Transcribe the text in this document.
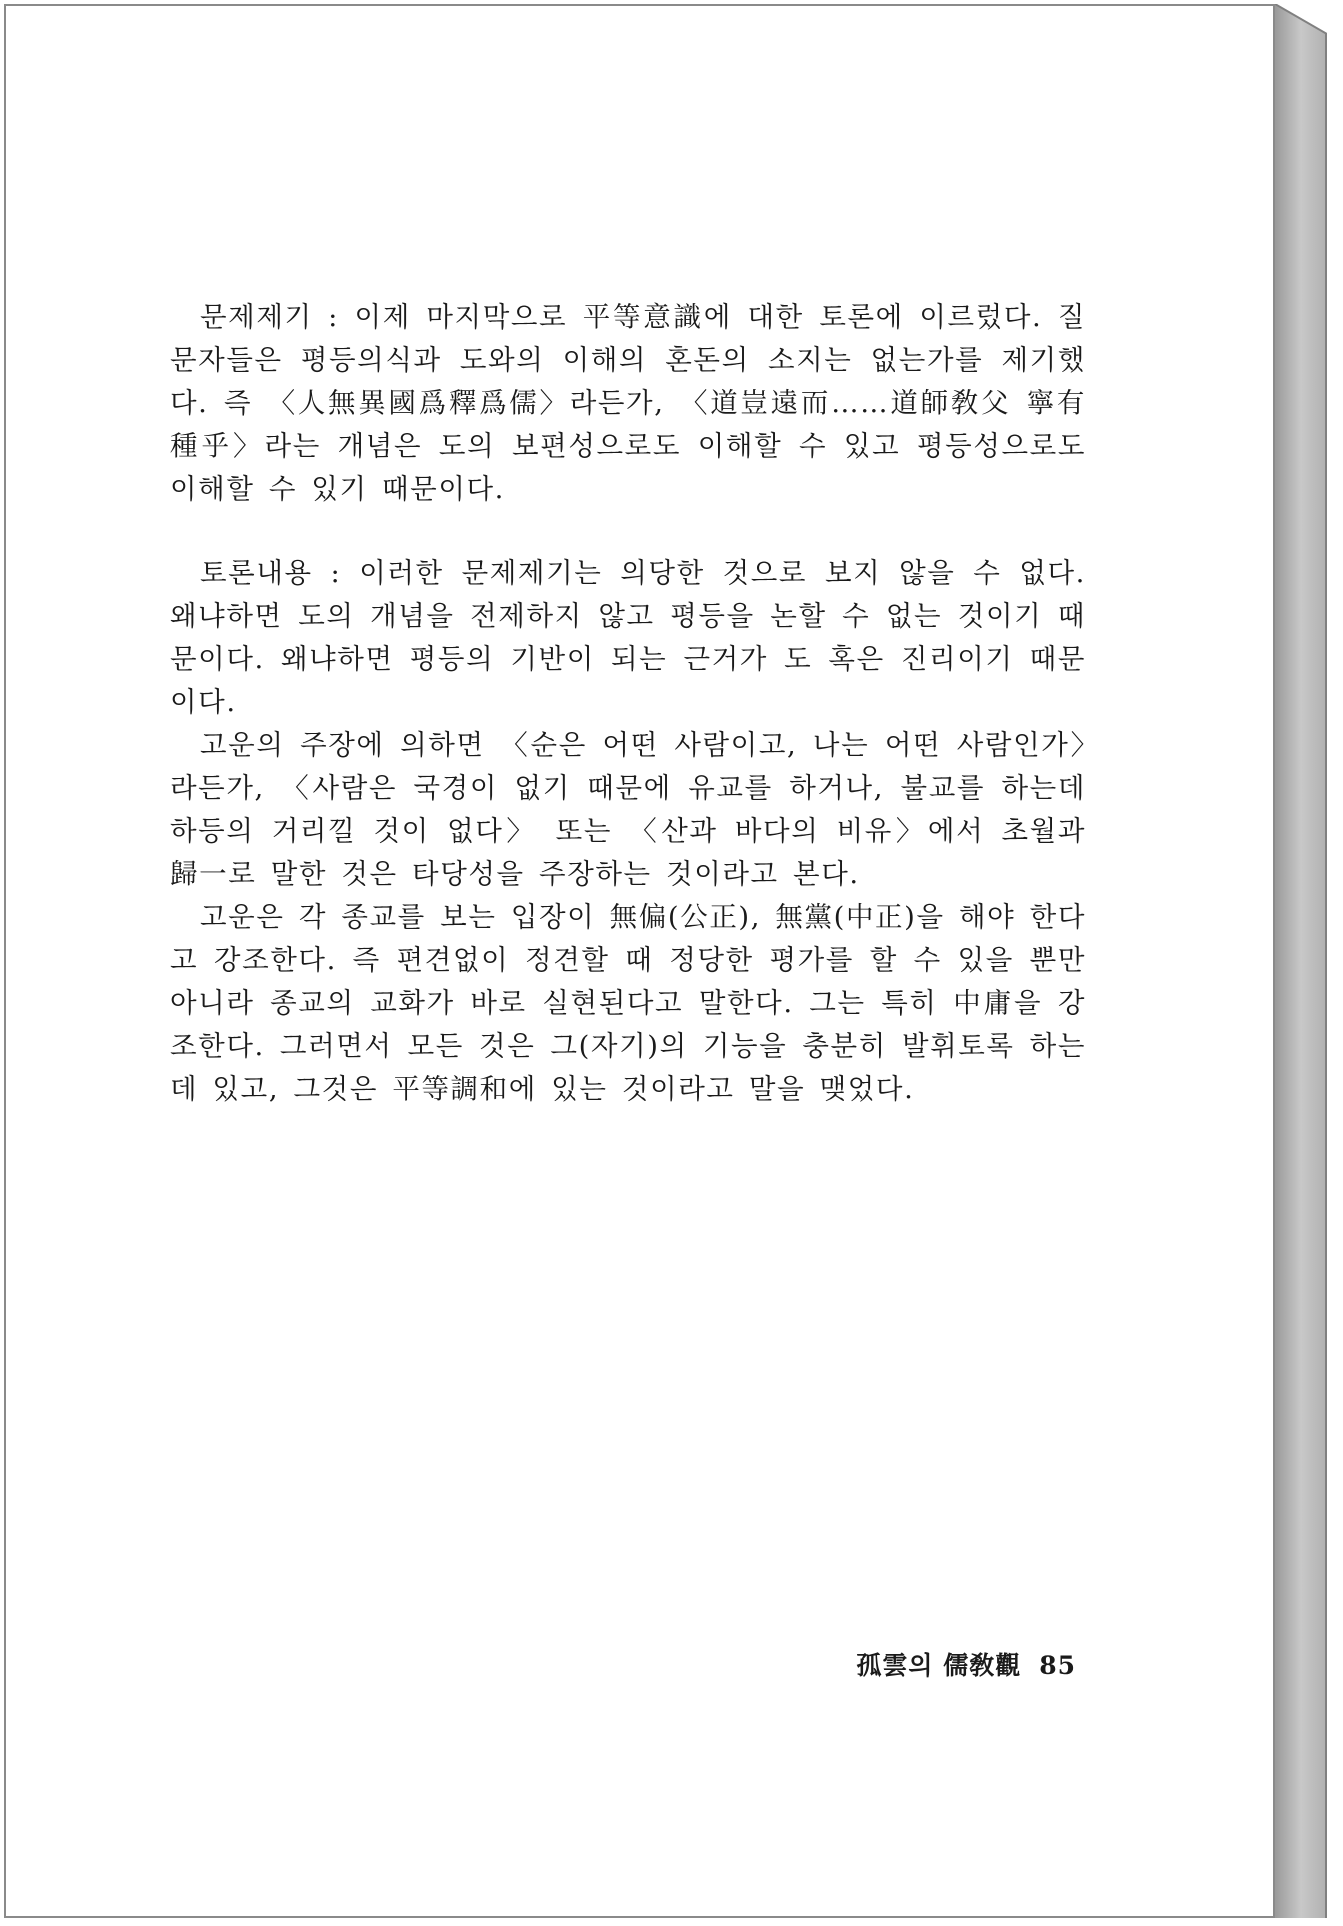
문제제기 : 이제 마지막으로 平等意識에 대한 토론에 이르렀다. 질문자들은 평등의식과 도와의 이해의 혼돈의 소지는 없는가를 제기했다. 즉 〈人無異國爲釋爲儒〉라든가, 〈道豈遠而……道師敎父 寧有種乎〉라는 개념은 도의 보편성으로도 이해할 수 있고 평등성으로도 이해할 수 있기 때문이다.

토론내용 : 이러한 문제제기는 의당한 것으로 보지 않을 수 없다. 왜냐하면 도의 개념을 전제하지 않고 평등을 논할 수 없는 것이기 때문이다. 왜냐하면 평등의 기반이 되는 근거가 도 혹은 진리이기 때문이다.

고운의 주장에 의하면 〈순은 어떤 사람이고, 나는 어떤 사람인가〉라든가, 〈사람은 국경이 없기 때문에 유교를 하거나, 불교를 하는데 하등의 거리낄 것이 없다〉 또는 〈산과 바다의 비유〉에서 초월과 歸一로 말한 것은 타당성을 주장하는 것이라고 본다.

고운은 각 종교를 보는 입장이 無偏(公正), 無黨(中正)을 해야 한다고 강조한다. 즉 편견없이 정견할 때 정당한 평가를 할 수 있을 뿐만 아니라 종교의 교화가 바로 실현된다고 말한다. 그는 특히 中庸을 강조한다. 그러면서 모든 것은 그(자기)의 기능을 충분히 발휘토록 하는 데 있고, 그것은 平等調和에 있는 것이라고 말을 맺었다.

孤雲의 儒敎觀 85
